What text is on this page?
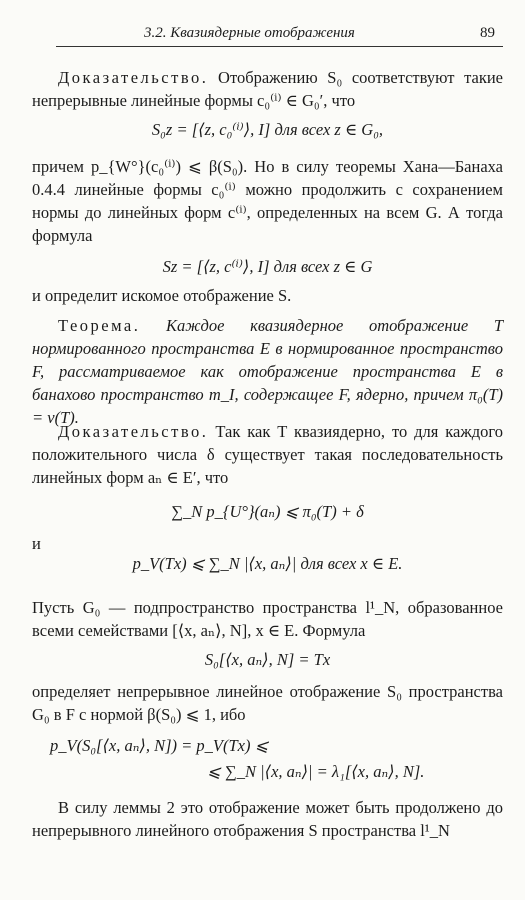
3.2. Квазиядерные отображения	89
Доказательство. Отображению S₀ соответствуют такие непрерывные линейные формы c₀⁽ⁱ⁾ ∈ G₀′, что
S₀z = [⟨z, c₀⁽ⁱ⁾⟩, I] для всех z ∈ G₀,
причем p_{W°}(c₀⁽ⁱ⁾) ⩽ β(S₀). Но в силу теоремы Хана—Банаха 0.4.4 линейные формы c₀⁽ⁱ⁾ можно продолжить с сохранением нормы до линейных форм c⁽ⁱ⁾, определенных на всем G. А тогда формула
Sz = [⟨z, c⁽ⁱ⁾⟩, I] для всех z ∈ G
и определит искомое отображение S.
Теорема. Каждое квазиядерное отображение T нормированного пространства E в нормированное пространство F, рассматриваемое как отображение пространства E в банахово пространство m_I, содержащее F, ядерно, причем π₀(T) = ν(T).
Доказательство. Так как T квазиядерно, то для каждого положительного числа δ существует такая последовательность линейных форм aₙ ∈ E′, что
∑_N p_{U°}(aₙ) ⩽ π₀(T) + δ
и
p_V(Tx) ⩽ ∑_N |⟨x, aₙ⟩| для всех x ∈ E.
Пусть G₀ — подпространство пространства l¹_N, образованное всеми семействами [⟨x, aₙ⟩, N], x ∈ E. Формула
S₀[⟨x, aₙ⟩, N] = Tx
определяет непрерывное линейное отображение S₀ пространства G₀ в F с нормой β(S₀) ⩽ 1, ибо
p_V(S₀[⟨x, aₙ⟩, N]) = p_V(Tx) ⩽
⩽ ∑_N |⟨x, aₙ⟩| = λ₁[⟨x, aₙ⟩, N].
В силу леммы 2 это отображение может быть продолжено до непрерывного линейного отображения S пространства l¹_N
